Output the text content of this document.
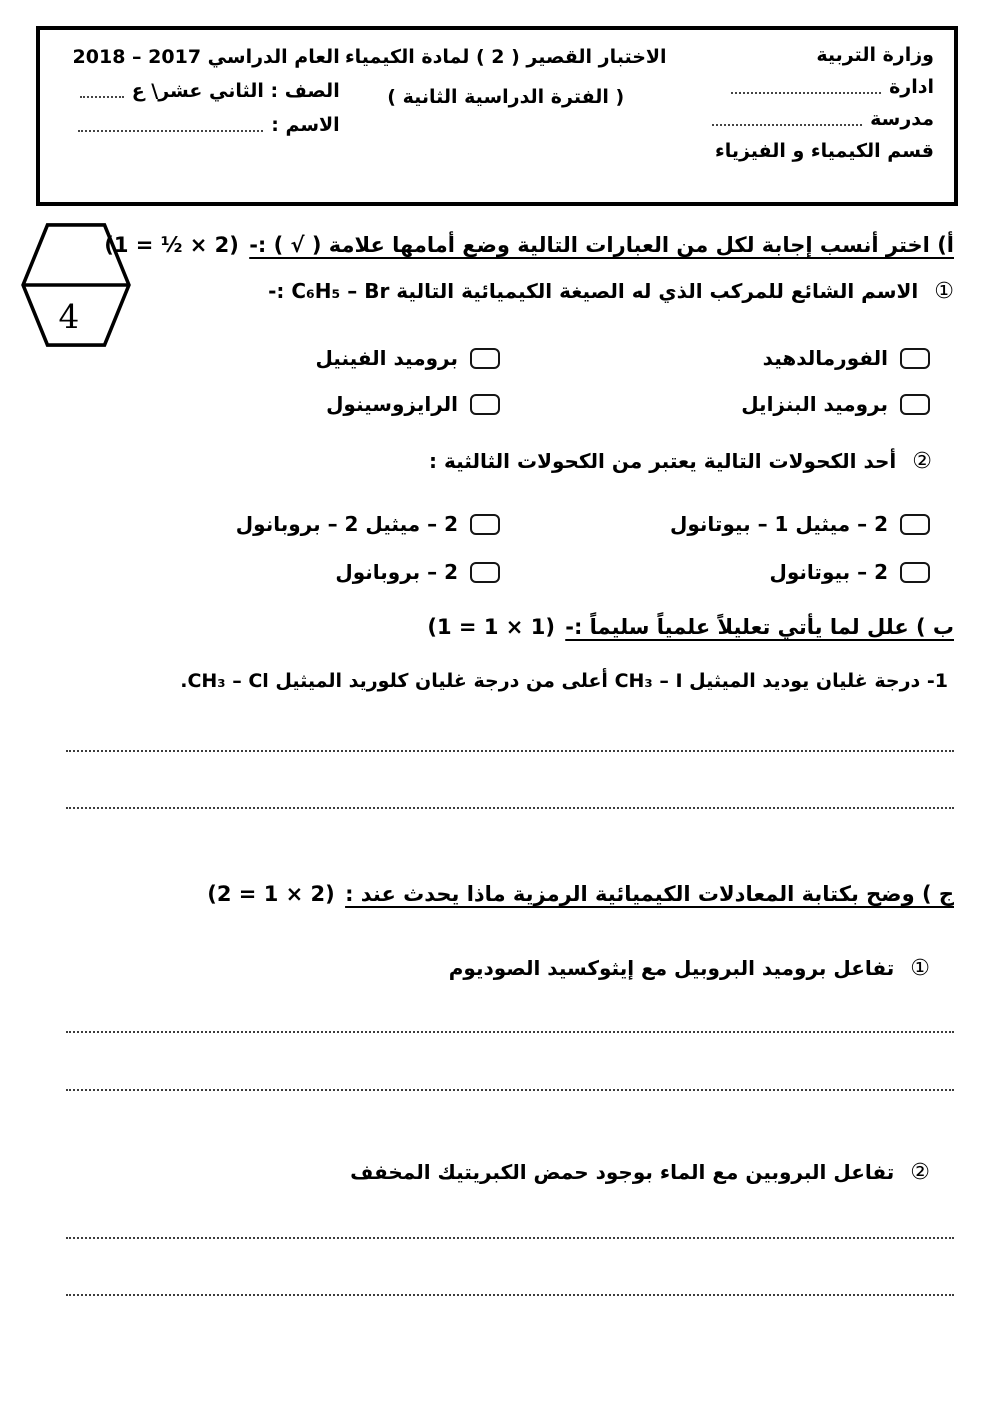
وزارة التربية
ادارة
مدرسة
قسم الكيمياء و الفيزياء
الاختبار القصير ( 2 ) لمادة الكيمياء
( الفترة الدراسية الثانية )
العام الدراسي 2017 – 2018
الصف : الثاني عشر\ ع
الاسم :
4
أ) اختر أنسب إجابة لكل من العبارات التالية وضع أمامها علامة ( √ ) :- (2 × ½ = 1)
① الاسم الشائع للمركب الذي له الصيغة الكيميائية التالية C₆H₅ – Br :-
الفورمالدهيد
بروميد الفينيل
بروميد البنزايل
الرايزوسينول
② أحد الكحولات التالية يعتبر من الكحولات الثالثية :
2 – ميثيل 1 – بيوتانول
2 – ميثيل 2 – بروبانول
2 – بيوتانول
2 – بروبانول
ب ) علل لما يأتي تعليلاً علمياً سليماً :- (1 × 1 = 1)
1- درجة غليان يوديد الميثيل CH₃ – I أعلى من درجة غليان كلوريد الميثيل CH₃ – Cl.
ج ) وضح بكتابة المعادلات الكيميائية الرمزية ماذا يحدث عند : (2 × 1 = 2)
① تفاعل بروميد البروبيل مع إيثوكسيد الصوديوم
② تفاعل البروبين مع الماء بوجود حمض الكبريتيك المخفف
